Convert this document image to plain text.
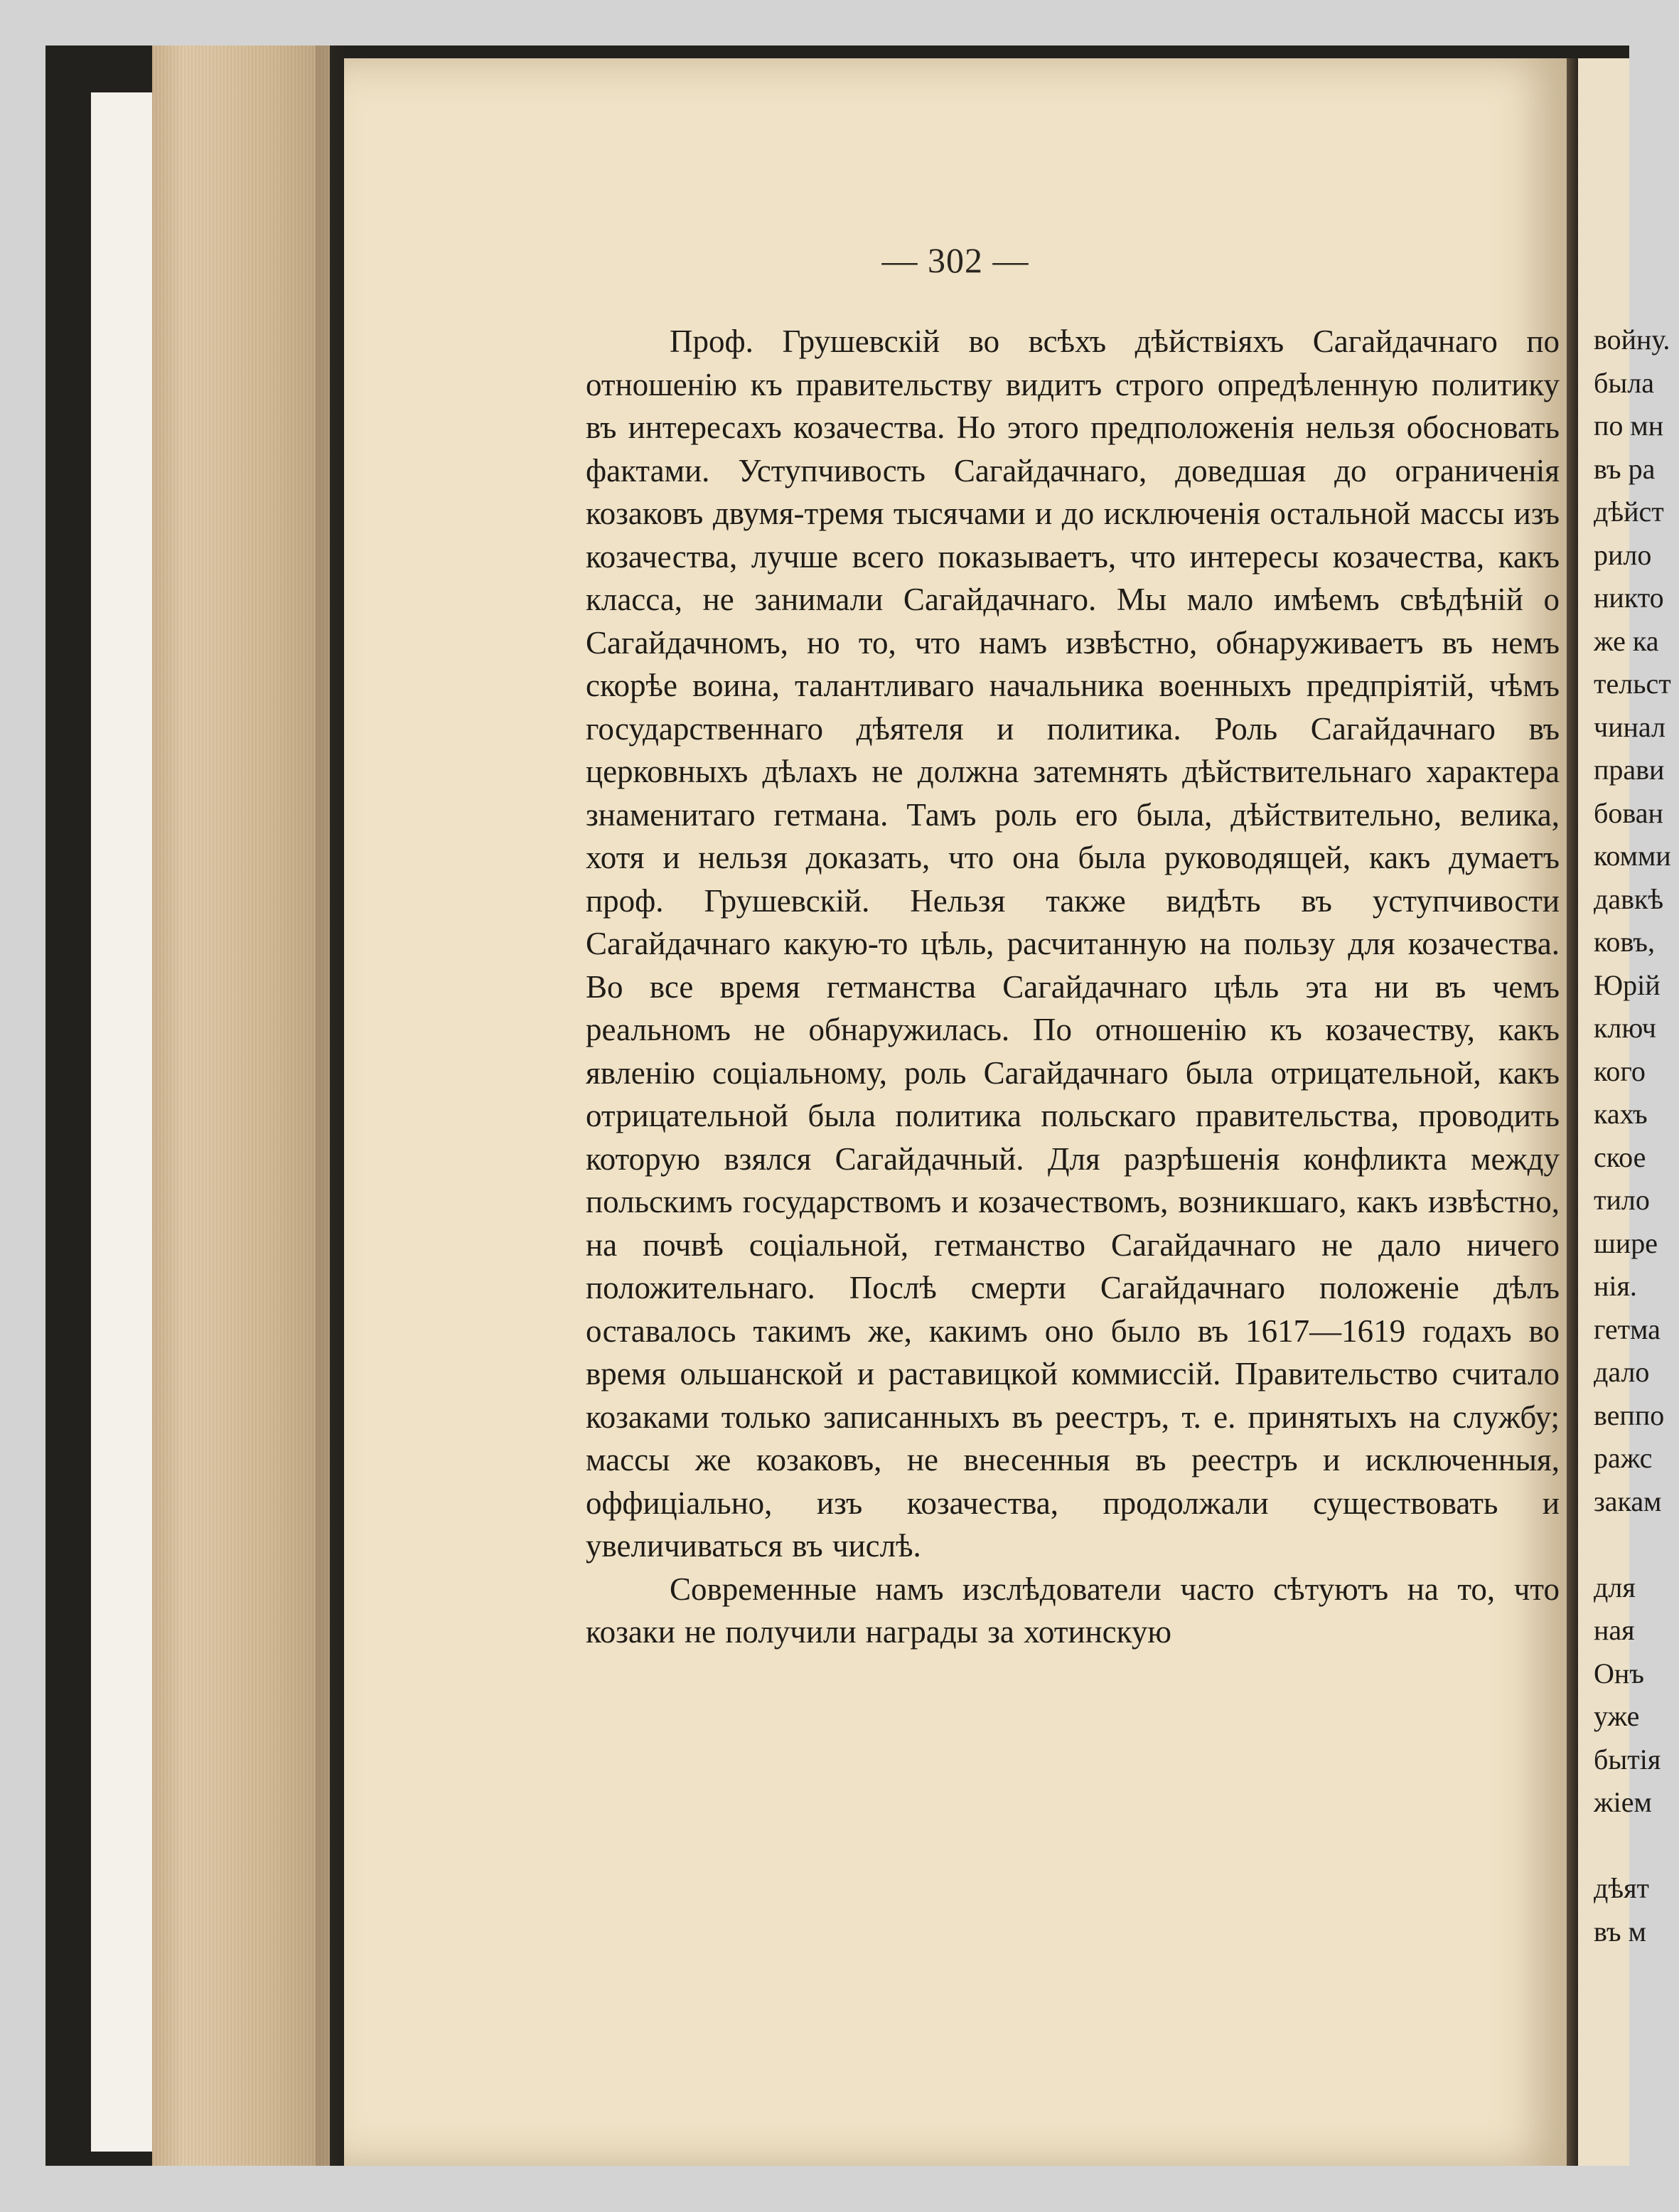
— 302 —

Проф. Грушевскій во всѣхъ дѣйствіяхъ Сагайдачнаго по отношенію къ правительству видитъ строго опредѣленную политику въ интересахъ козачества. Но этого предположенія нельзя обосновать фактами. Уступчивость Сагайдачнаго, доведшая до ограниченія козаковъ двумя-тремя тысячами и до исключенія остальной массы изъ козачества, лучше всего показываетъ, что интересы козачества, какъ класса, не занимали Сагайдачнаго. Мы мало имѣемъ свѣдѣній о Сагайдачномъ, но то, что намъ извѣстно, обнаруживаетъ въ немъ скорѣе воина, талантливаго начальника военныхъ предпріятій, чѣмъ государственнаго дѣятеля и политика. Роль Сагайдачнаго въ церковныхъ дѣлахъ не должна затемнять дѣйствительнаго характера знаменитаго гетмана. Тамъ роль его была, дѣйствительно, велика, хотя и нельзя доказать, что она была руководящей, какъ думаетъ проф. Грушевскій. Нельзя также видѣть въ уступчивости Сагайдачнаго какую-то цѣль, расчитанную на пользу для козачества. Во все время гетманства Сагайдачнаго цѣль эта ни въ чемъ реальномъ не обнаружилась. По отношенію къ козачеству, какъ явленію соціальному, роль Сагайдачнаго была отрицательной, какъ отрицательной была политика польскаго правительства, проводить которую взялся Сагайдачный. Для разрѣшенія конфликта между польскимъ государствомъ и козачествомъ, возникшаго, какъ извѣстно, на почвѣ соціальной, гетманство Сагайдачнаго не дало ничего положительнаго. Послѣ смерти Сагайдачнаго положеніе дѣлъ оставалось такимъ же, какимъ оно было въ 1617—1619 годахъ во время ольшанской и раставицкой коммиссій. Правительство считало козаками только записанныхъ въ реестръ, т. е. принятыхъ на службу; массы же козаковъ, не внесенныя въ реестръ и исключенныя, оффиціально, изъ козачества, продолжали существовать и увеличиваться въ числѣ.

Современные намъ изслѣдователи часто сѣтуютъ на то, что козаки не получили награды за хотинскую

войну.
была
по мн
въ ра
дѣйст
рило
никто
же ка
тельст
чинал
прави
бован
комми
давкѣ
ковъ,
Юрій
ключ
кого
кахъ
ское
тило
шире
нія.
гетма
дало
веппо
ражс
закам
для
ная
Онъ
уже
бытія
жіем
дѣят
въ м
